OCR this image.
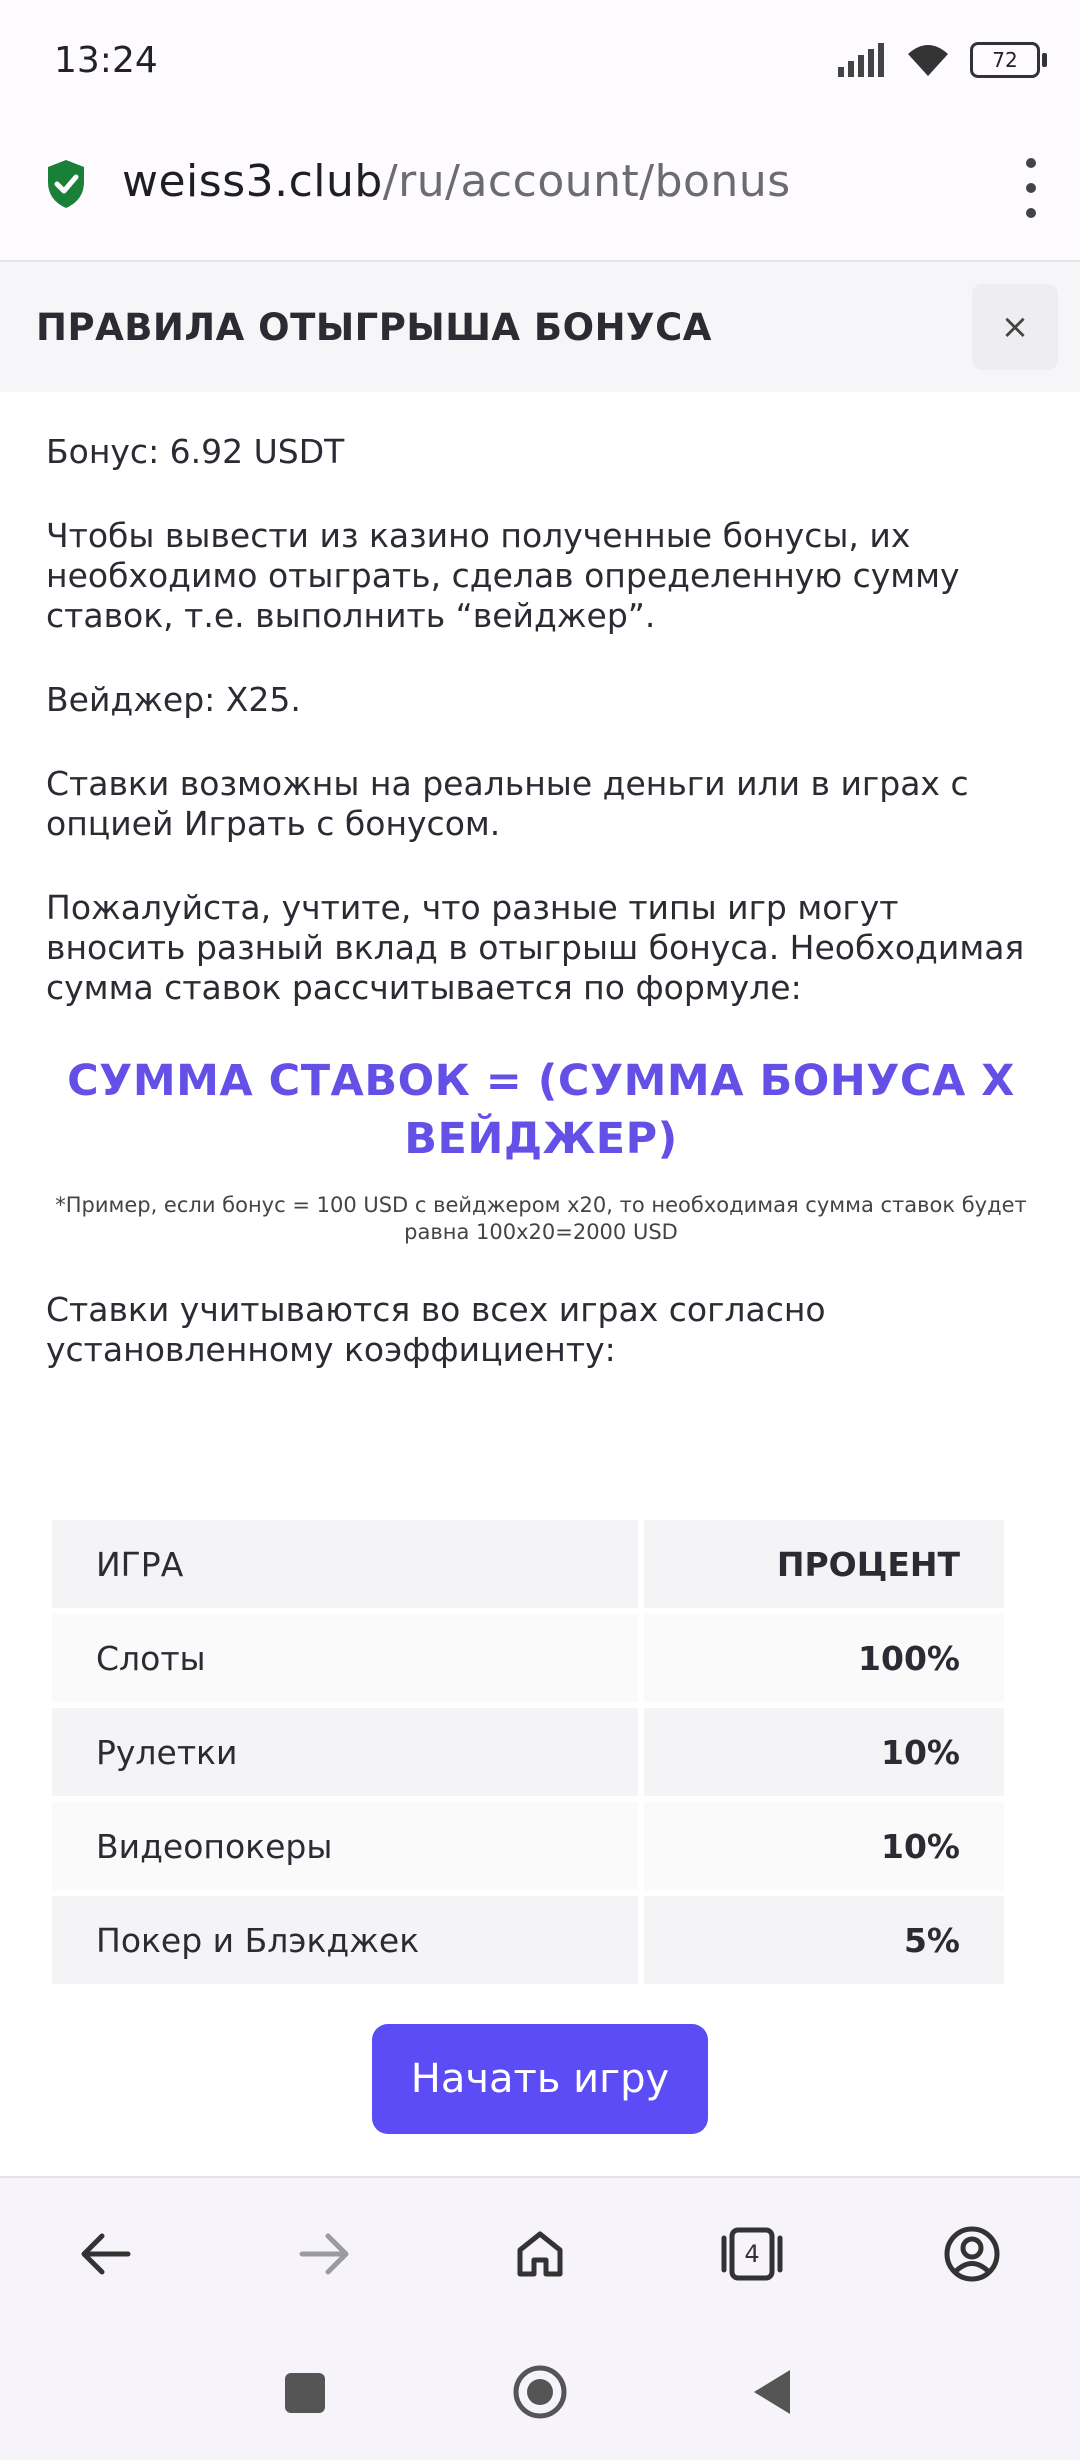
13:24	72
weiss3.club/ru/account/bonus
ПРАВИЛА ОТЫГРЫША БОНУСА	×

Бонус: 6.92 USDT

Чтобы вывести из казино полученные бонусы, их необходимо отыграть, сделав определенную сумму ставок, т.е. выполнить “вейджер”.

Вейджер: X25.

Ставки возможны на реальные деньги или в играх с опцией Играть с бонусом.

Пожалуйста, учтите, что разные типы игр могут вносить разный вклад в отыгрыш бонуса. Необходимая сумма ставок рассчитывается по формуле:

СУММА СТАВОК = (СУММА БОНУСА Х ВЕЙДЖЕР)
*Пример, если бонус = 100 USD с вейджером х20, то необходимая сумма ставок будет равна 100х20=2000 USD

Ставки учитываются во всех играх согласно установленному коэффициенту:

ИГРА	ПРОЦЕНТ
Слоты	100%
Рулетки	10%
Видеопокеры	10%
Покер и Блэкджек	5%
Начать игру
4
